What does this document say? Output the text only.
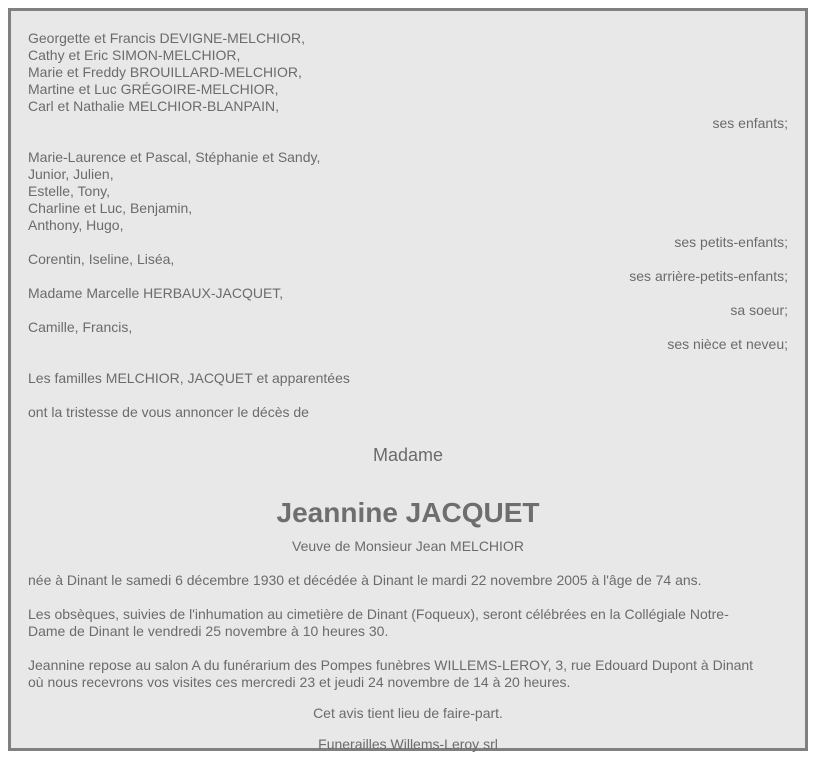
Georgette et Francis DEVIGNE-MELCHIOR,
Cathy et Eric SIMON-MELCHIOR,
Marie et Freddy BROUILLARD-MELCHIOR,
Martine et Luc GRÉGOIRE-MELCHIOR,
Carl et Nathalie MELCHIOR-BLANPAIN,
ses enfants;
Marie-Laurence et Pascal, Stéphanie et Sandy,
Junior, Julien,
Estelle, Tony,
Charline et Luc, Benjamin,
Anthony, Hugo,
ses petits-enfants;
Corentin, Iseline, Liséa,
ses arrière-petits-enfants;
Madame Marcelle HERBAUX-JACQUET,
sa soeur;
Camille, Francis,
ses nièce et neveu;
Les familles MELCHIOR, JACQUET et apparentées
ont la tristesse de vous annoncer le décès de
Madame
Jeannine JACQUET
Veuve de Monsieur Jean MELCHIOR
née à Dinant le samedi 6 décembre 1930 et décédée à Dinant le mardi 22 novembre 2005 à l'âge de 74 ans.
Les obsèques, suivies de l'inhumation au cimetière de Dinant (Foqueux), seront célébrées en la Collégiale Notre-
Dame de Dinant le vendredi 25 novembre à 10 heures 30.
Jeannine repose au salon A du funérarium des Pompes funèbres WILLEMS-LEROY, 3, rue Edouard Dupont à Dinant
où nous recevrons vos visites ces mercredi 23 et jeudi 24 novembre de 14 à 20 heures.
Cet avis tient lieu de faire-part.
Funerailles Willems-Leroy srl
